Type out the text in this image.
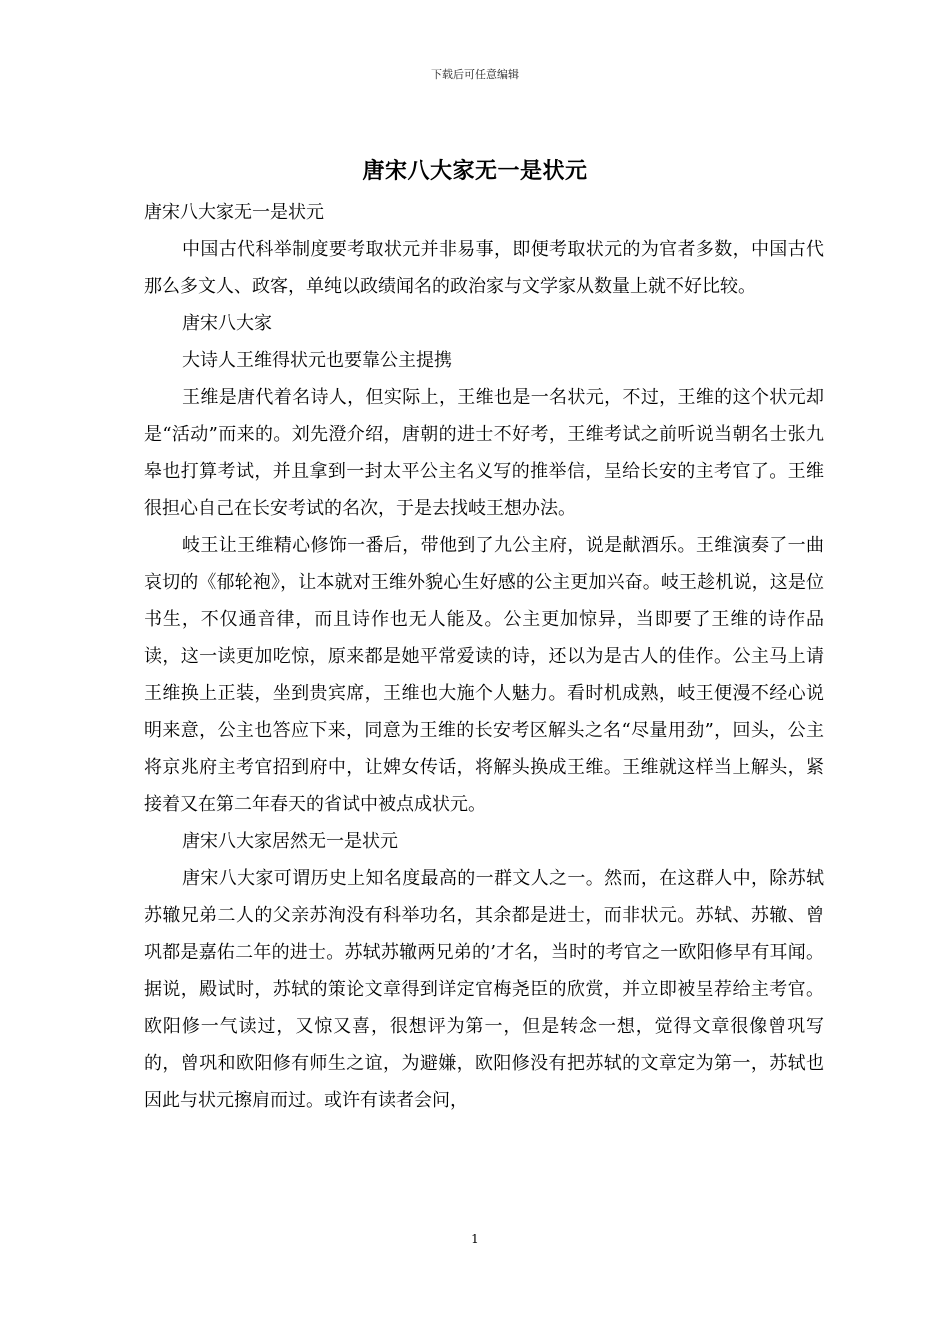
下载后可任意编辑
唐宋八大家无一是状元

唐宋八大家无一是状元

中国古代科举制度要考取状元并非易事，即便考取状元的为官者多数，中国古代那么多文人、政客，单纯以政绩闻名的政治家与文学家从数量上就不好比较。

唐宋八大家

大诗人王维得状元也要靠公主提携

王维是唐代着名诗人，但实际上，王维也是一名状元，不过，王维的这个状元却是“活动”而来的。刘先澄介绍，唐朝的进士不好考，王维考试之前听说当朝名士张九皋也打算考试，并且拿到一封太平公主名义写的推举信，呈给长安的主考官了。王维很担心自己在长安考试的名次，于是去找岐王想办法。

岐王让王维精心修饰一番后，带他到了九公主府，说是献酒乐。王维演奏了一曲哀切的《郁轮袍》，让本就对王维外貌心生好感的公主更加兴奋。岐王趁机说，这是位书生，不仅通音律，而且诗作也无人能及。公主更加惊异，当即要了王维的诗作品读，这一读更加吃惊，原来都是她平常爱读的诗，还以为是古人的佳作。公主马上请王维换上正装，坐到贵宾席，王维也大施个人魅力。看时机成熟，岐王便漫不经心说明来意，公主也答应下来，同意为王维的长安考区解头之名“尽量用劲”，回头，公主将京兆府主考官招到府中，让婢女传话，将解头换成王维。王维就这样当上解头，紧接着又在第二年春天的省试中被点成状元。

唐宋八大家居然无一是状元

唐宋八大家可谓历史上知名度最高的一群文人之一。然而，在这群人中，除苏轼苏辙兄弟二人的父亲苏洵没有科举功名，其余都是进士，而非状元。苏轼、苏辙、曾巩都是嘉佑二年的进士。苏轼苏辙两兄弟的’才名，当时的考官之一欧阳修早有耳闻。据说，殿试时，苏轼的策论文章得到详定官梅尧臣的欣赏，并立即被呈荐给主考官。欧阳修一气读过，又惊又喜，很想评为第一，但是转念一想，觉得文章很像曾巩写的，曾巩和欧阳修有师生之谊，为避嫌，欧阳修没有把苏轼的文章定为第一，苏轼也因此与状元擦肩而过。或许有读者会问，

1
